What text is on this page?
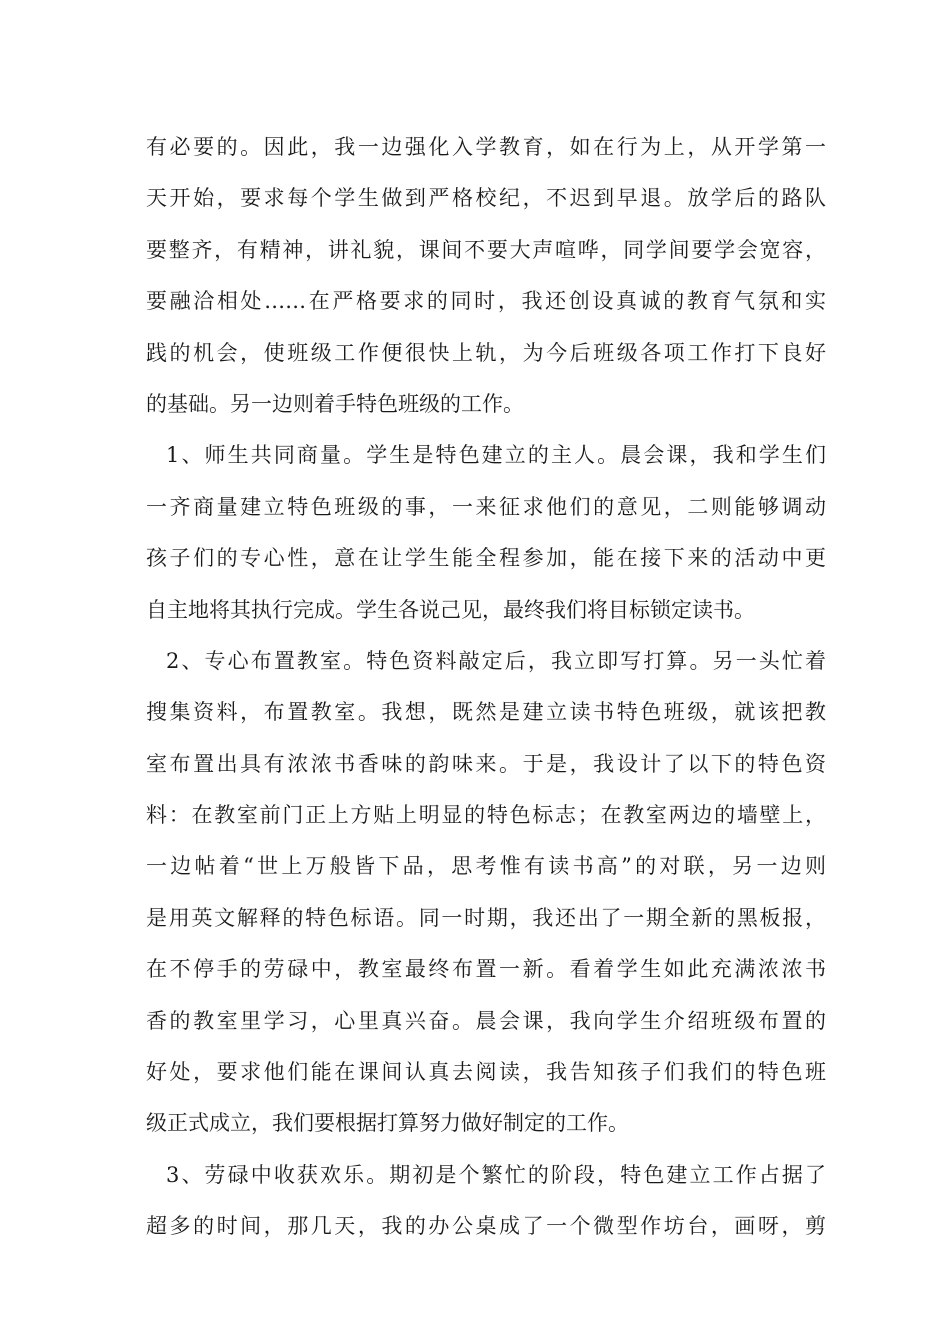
有必要的。因此，我一边强化入学教育，如在行为上，从开学第一
天开始，要求每个学生做到严格校纪，不迟到早退。放学后的路队
要整齐，有精神，讲礼貌，课间不要大声喧哗，同学间要学会宽容，
要融洽相处……在严格要求的同时，我还创设真诚的教育气氛和实
践的机会，使班级工作便很快上轨，为今后班级各项工作打下良好
的基础。另一边则着手特色班级的工作。
1、师生共同商量。学生是特色建立的主人。晨会课，我和学生们
一齐商量建立特色班级的事，一来征求他们的意见，二则能够调动
孩子们的专心性，意在让学生能全程参加，能在接下来的活动中更
自主地将其执行完成。学生各说己见，最终我们将目标锁定读书。
2、专心布置教室。特色资料敲定后，我立即写打算。另一头忙着
搜集资料，布置教室。我想，既然是建立读书特色班级，就该把教
室布置出具有浓浓书香味的韵味来。于是，我设计了以下的特色资
料：在教室前门正上方贴上明显的特色标志；在教室两边的墙壁上，
一边帖着“世上万般皆下品，思考惟有读书高”的对联，另一边则
是用英文解释的特色标语。同一时期，我还出了一期全新的黑板报，
在不停手的劳碌中，教室最终布置一新。看着学生如此充满浓浓书
香的教室里学习，心里真兴奋。晨会课，我向学生介绍班级布置的
好处，要求他们能在课间认真去阅读，我告知孩子们我们的特色班
级正式成立，我们要根据打算努力做好制定的工作。
3、劳碌中收获欢乐。期初是个繁忙的阶段，特色建立工作占据了
超多的时间，那几天，我的办公桌成了一个微型作坊台，画呀，剪
